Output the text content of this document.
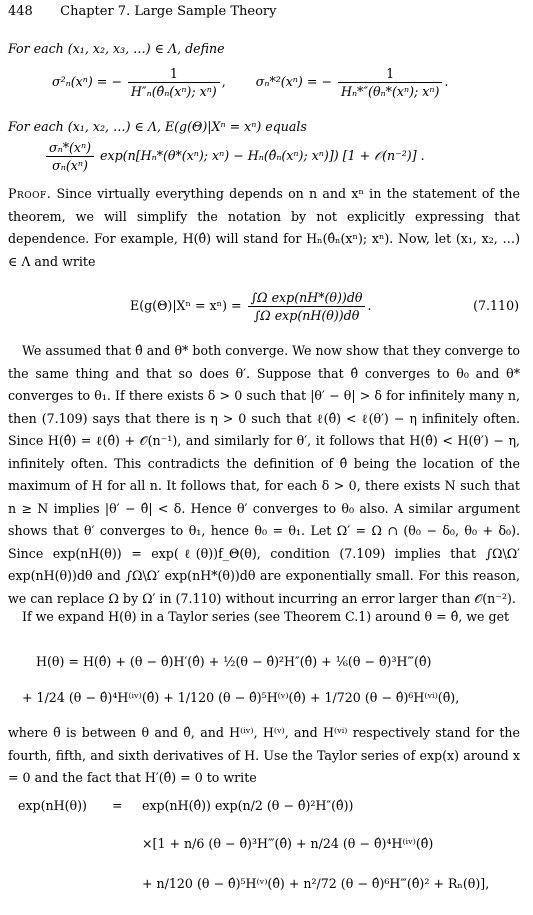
448 Chapter 7. Large Sample Theory
For each (x₁, x₂, x₃, …) ∈ Λ, define
σ²ₙ(xⁿ) = − $\frac{1}{\text{H″ₙ(θ̂ₙ(xⁿ); xⁿ)}}$ ,  σₙ*²(xⁿ) = − $\frac{1}{\text{Hₙ*″(θₙ*(xⁿ); xⁿ)}}$ .
For each (x₁, x₂, …) ∈ Λ, E(g(Θ)|Xⁿ = xⁿ) equals
$\frac{\text{σₙ*(xⁿ)}}{\text{σₙ(xⁿ)}} \exp(n[H_n*(\theta*(x^n)$; xⁿ) − Hₙ(θ̂ₙ(xⁿ); xⁿ)]) [1 + 𝒪(n⁻²)] .
Proof. Since virtually everything depends on n and xⁿ in the statement of the theorem, we will simplify the notation by not explicitly expressing that dependence. For example, H(θ̂) will stand for Hₙ(θ̂ₙ(xⁿ); xⁿ). Now, let (x₁, x₂, …) ∈ Λ and write
$E(g(\Theta)|X^n = x^n) = \frac{\text{∫Ω exp(nH*(θ))dθ}}{\text{∫Ω exp(nH(θ))dθ}}$ .	(7.110)
We assumed that θ̂ and θ* both converge. We now show that they converge to the same thing and that so does θ′. Suppose that θ̂ converges to θ₀ and θ* converges to θ₁. If there exists δ > 0 such that |θ′ − θ| > δ for infinitely many n, then (7.109) says that there is η > 0 such that ℓ(θ̂) < ℓ(θ′) − η infinitely often. Since H(θ̂) = ℓ(θ̂) + 𝒪(n⁻¹), and similarly for θ′, it follows that H(θ̂) < H(θ′) − η, infinitely often. This contradicts the definition of θ̂ being the location of the maximum of H for all n. It follows that, for each δ > 0, there exists N such that n ≥ N implies |θ′ − θ̂| < δ. Hence θ′ converges to θ₀ also. A similar argument shows that θ′ converges to θ₁, hence θ₀ = θ₁. Let Ω′ = Ω ∩ (θ₀ − δ₀, θ₀ + δ₀). Since exp(nH(θ)) = exp(ℓ(θ))f_Θ(θ), condition (7.109) implies that ∫Ω\Ω′ exp(nH(θ))dθ and ∫Ω\Ω′ exp(nH*(θ))dθ are exponentially small. For this reason, we can replace Ω by Ω′ in (7.110) without incurring an error larger than 𝒪(n⁻²).
If we expand H(θ) in a Taylor series (see Theorem C.1) around θ = θ̂, we get
H(θ) = H(θ̂) + (θ − θ̂)H′(θ̂) + ½(θ − θ̂)²H″(θ̂) + ⅙(θ − θ̂)³H‴(θ̂)
+ 1/24 (θ − θ̂)⁴H⁽ⁱᵛ⁾(θ̂) + 1/120 (θ − θ̂)⁵H⁽ᵛ⁾(θ̂) + 1/720 (θ − θ̂)⁶H⁽ᵛⁱ⁾(θ̃),
where θ̃ is between θ and θ̂, and H⁽ⁱᵛ⁾, H⁽ᵛ⁾, and H⁽ᵛⁱ⁾ respectively stand for the fourth, fifth, and sixth derivatives of H. Use the Taylor series of exp(x) around x = 0 and the fact that H′(θ̂) = 0 to write
exp(nH(θ)) = exp(nH(θ̂)) exp(n/2 (θ − θ̂)²H″(θ̂))
×[1 + n/6 (θ − θ̂)³H‴(θ̂) + n/24 (θ − θ̂)⁴H⁽ⁱᵛ⁾(θ̂)
+ n/120 (θ − θ̂)⁵H⁽ᵛ⁾(θ̂) + n²/72 (θ − θ̂)⁶H‴(θ̂)² + Rₙ(θ)],
